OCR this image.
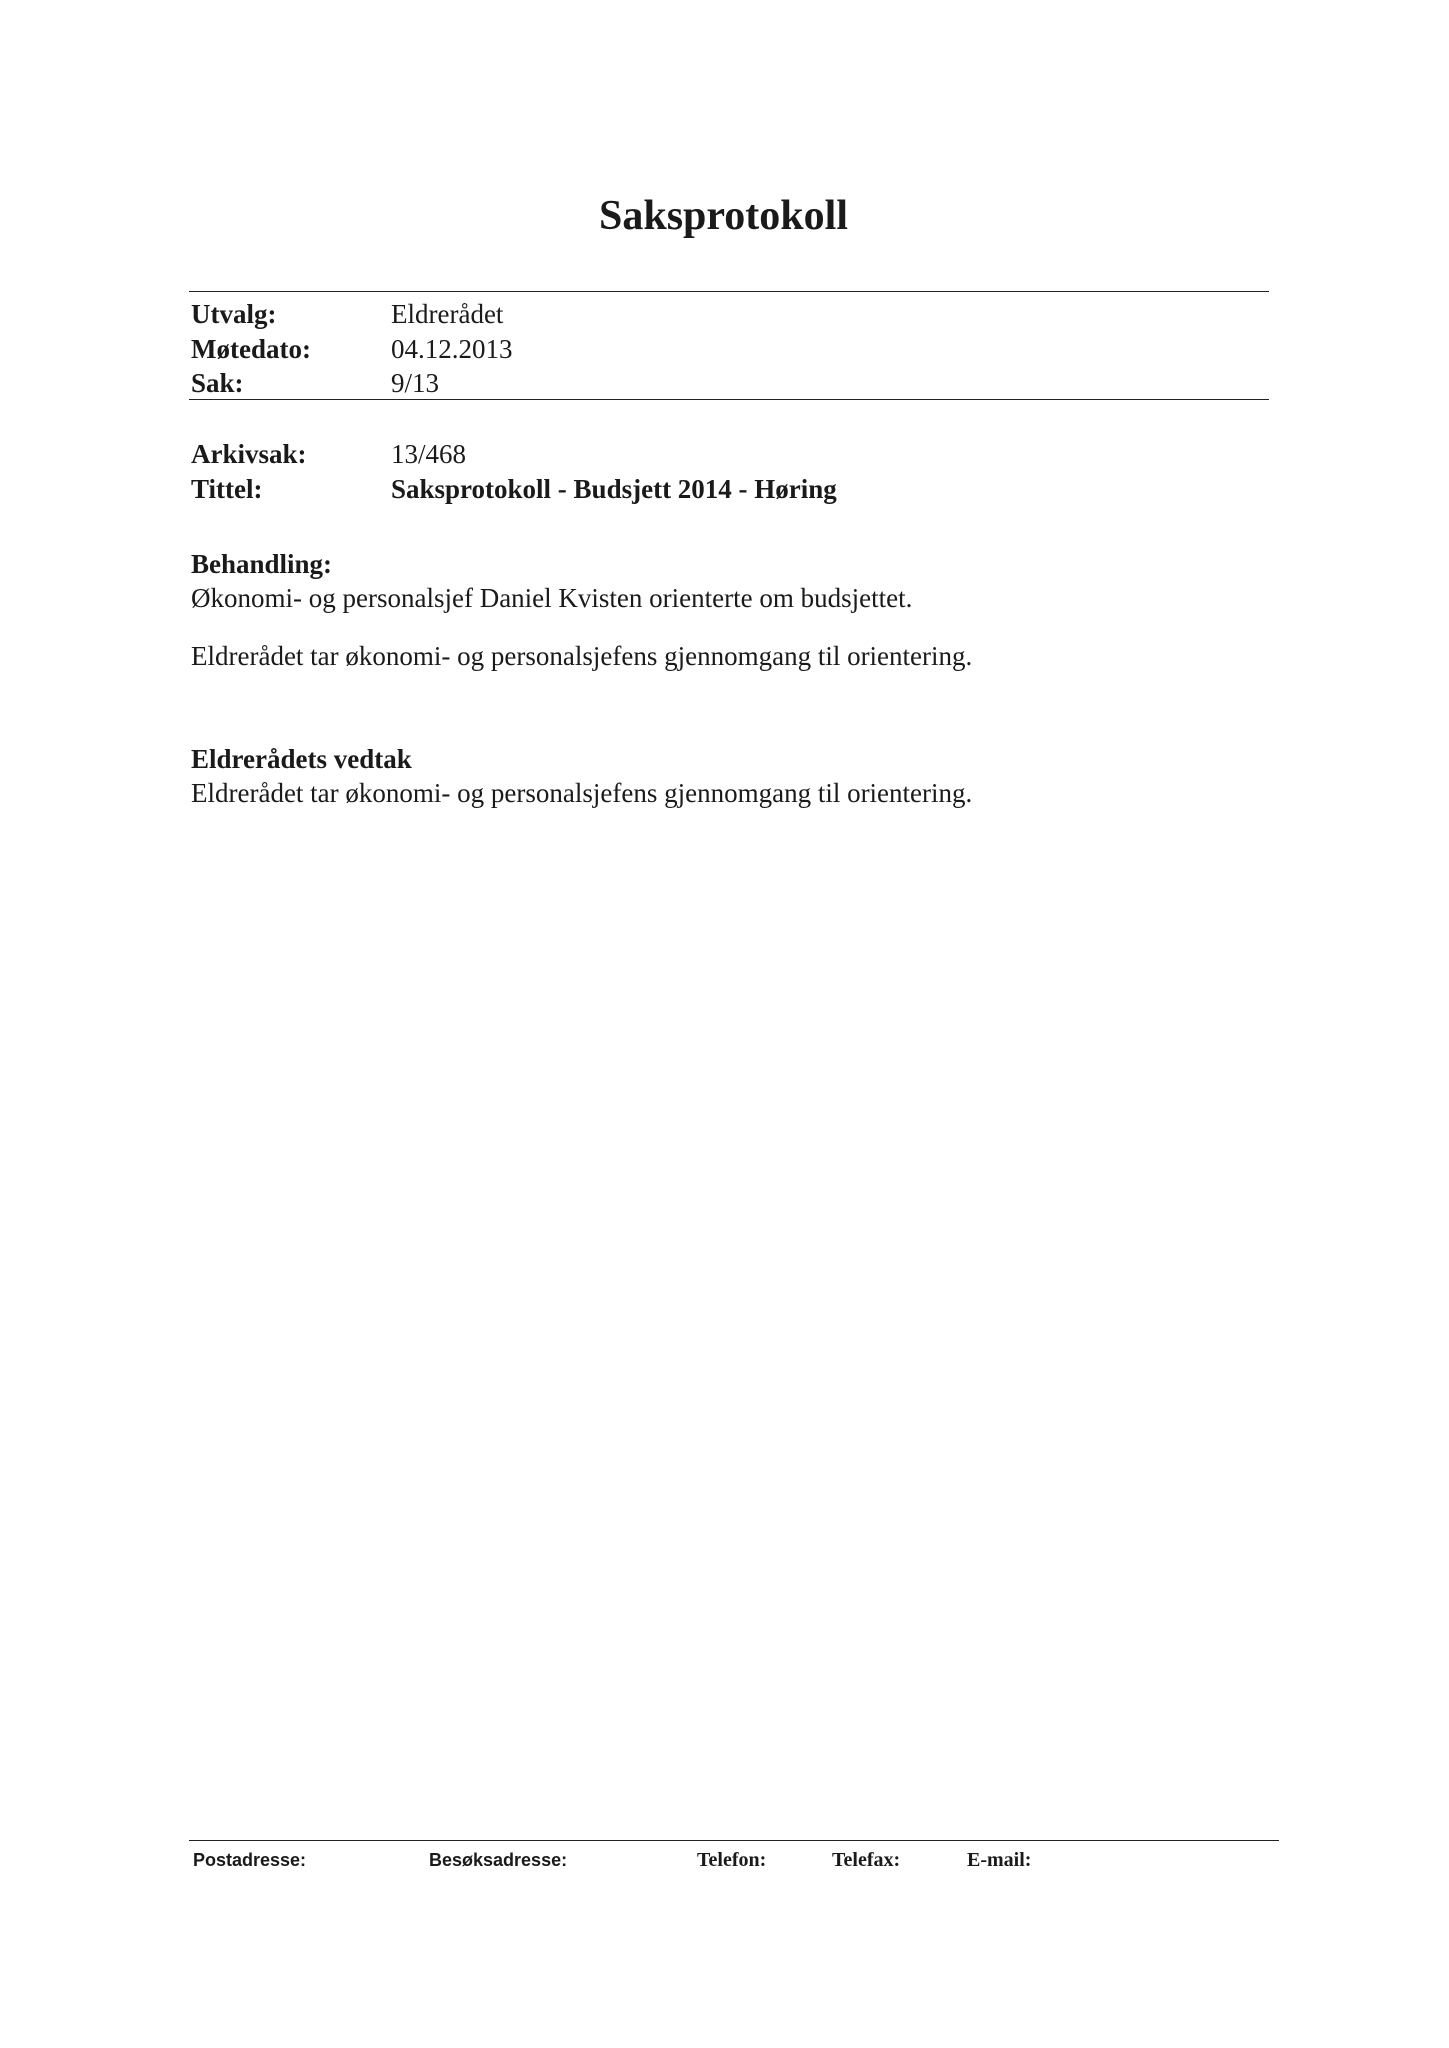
Saksprotokoll
Utvalg:	Eldrerådet
Møtedato:	04.12.2013
Sak:	9/13
Arkivsak:	13/468
Tittel:	Saksprotokoll - Budsjett 2014 - Høring
Behandling:

Økonomi- og personalsjef Daniel Kvisten orienterte om budsjettet.

Eldrerådet tar økonomi- og personalsjefens gjennomgang til orientering.

Eldrerådets vedtak

Eldrerådet tar økonomi- og personalsjefens gjennomgang til orientering.

Postadresse:	Besøksadresse:	Telefon:	Telefax:	E-mail:
